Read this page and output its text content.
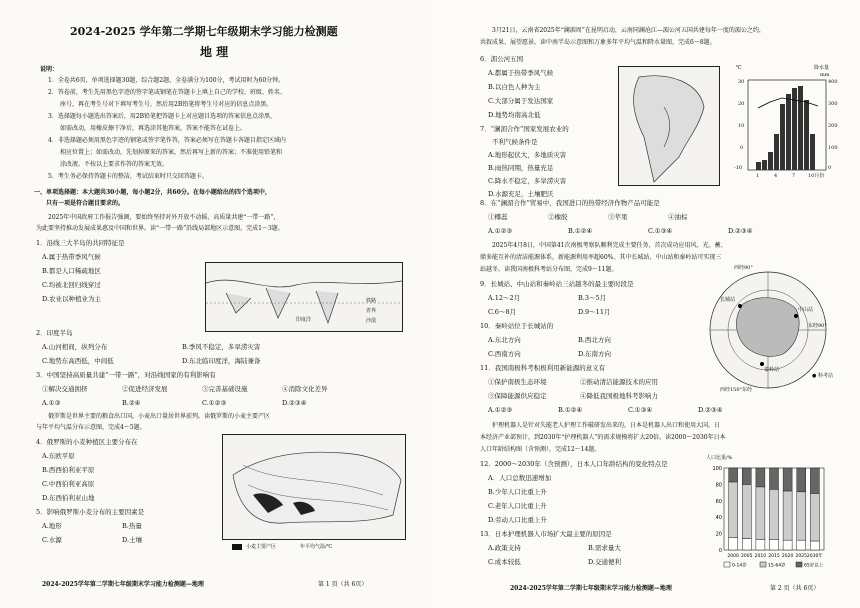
2024-2025 学年第二学期七年级期末学习能力检测题
地 理
说明：
1．全卷共6页，单项选择题30题，综合题2题，全卷满分为100分，考试用时为60分钟。
2．答卷前，考生先用黑色字迹的签字笔或钢笔在答题卡上填上自己的学校、班级、姓名、
座号，再在考生号对下填写考生号，然后用2B铅笔将考生号对应的信息点涂黑。
3．选择题每小题选出答案后，用2B铅笔把答题卡上对应题目选项的答案信息点涂黑，
如需改动，用橡皮擦干净后，再选涂其他答案，答案不能答在试卷上。
4．非选择题必须用黑色字迹的钢笔或签字笔作答，答案必须写在答题卡各题目指定区域内
相应位置上；如需改动，先划掉原来的答案，然后再写上新的答案；不准使用铅笔和
涂改液。不按以上要求作答的答案无效。
5．考生务必保持答题卡的整洁，考试结束时只交回答题卡。
一、单项选择题：本大题共30小题，每小题2分，共60分。在每小题给出的四个选项中，
只有一项是符合题目要求的。
2025年中国政府工作报告强调，要始终坚持对外开放不动摇，高质量共建“一带一路”，
为此要坚持推动发展成果惠及中国和世界。读“一带一路”沿线局部地区示意图，完成1～3题。
1．沿线三大半岛的共同特征是
A.属于热带季风气候
B.都是人口稀疏地区
C.均被北回归线穿过
D.农业以种植业为主
印度洋
铁路
省界
沙漠
2．印度半岛
A.山河相间，纵列分布	B.季风不稳定，多旱涝灾害
C.地势东高西低，中间低	D.东北临印度洋，海陆兼备
3．中国坚持高质量共建“一带一路”，对沿线国家的有利影响有
①解决交通拥挤	②促进经济发展	③完善基础设施	④消除文化差异
A.①③	B.②④	C.①②③	D.②③④
俄罗斯是世界主要的粮食出口国，小麦出口量居世界前列。读俄罗斯的小麦主要产区
与年平均气温分布示意图，完成4～5题。
4．俄罗斯的小麦种植区主要分布在
A.东欧平原
B.西西伯利亚平原
C.中西伯利亚高原
D.东西伯利亚山地
5．影响俄罗斯小麦分布的主要因素是
A.地形	B.热量
C.水源	D.土壤
小麦主要产区	年平均气温/℃
2024-2025学年第二学期七年级期末学习能力检测题—地理	第 1 页（共 6页）
3月21日，云南省2025年“澜湄周”在昆明启动，云南同澜沧江—湄公河五国共建每年一度的湄公之约，
共叙成果、展望愿景。读中南半岛示意图和万象多年平均气温和降水量图，完成6～8题。
6．湄公河五国
A.都属于热带季风气候
B.以白色人种为主
C.大部分属于发达国家
D.地势均南高北低
7．“澜湄合作”国家发展农业的
不利气候条件是
A.地形起伏大，多地质灾害
B.雨热同期，热量充足
C.降水不稳定，多旱涝灾害
D.水源充足，土壤肥沃
℃	降水量
mm
30
20
10
0
-10
400
300
200
100
0
1	4	7	10月份
8．在“澜湄合作”贸易中，我国进口的热带经济作物产品可能是
①椰蕊	②橡胶	③苹果	④油棕
A.①②③	B.①②④	C.①③④	D.②③④
2025年4月8日，中国第41次南极考察队顺利完成主要任务，首次成功应用风、光、蓄、
储多能互补的清洁能源体系，新能源利用率超60%。其中长城站、中山站和秦岭站可实现三
站越冬。读我国南极科考站分布图，完成9～11题。
9．长城站、中山站和秦岭站三站越冬的最主要时段是
A.12～2月	B.3～5月
C.6～8月	D.9～11月
10．秦岭站位于长城站的
A.东北方向	B.西北方向
C.西南方向	D.东南方向
11．我国南极科考积极利用新能源的意义有
①保护南极生态环境	②推动清洁能源技术的应用
③保障能源供应稳定	④降低我国极地科考影响力
A.①②③	B.①②④	C.①③④	D.②③④
西经90°
东经90°
西经150°东经
长城站
中山站
秦岭站
● 科考站
护理机器人是针对失能老人护理工作破研发出来的，日本是机器人出口和使用大国，日
本经济产业部预计，到2030年“护理机器人”的需求规模将扩大20倍。读2000～2030年日本
人口年龄结构图（含预测），完成12～14题。
12．2000～2030年（含预测），日本人口年龄结构的变化特点是
A．人口总数迅速增加
B.少年人口比重上升
C.老年人口比重上升
D.劳动人口比重上升
13．日本护理机器人市场扩大最主要的原因是
A.政策支持	B.需求量大
C.成本较低	D.交通便利
人口比重/%
100
80
60
40
20
0
2000 2005 2010 2015 2020 2025 2030年
0-14岁	15-64岁	65岁以上
2024-2025学年第二学期七年级期末学习能力检测题—地理	第 2 页（共 6页）
